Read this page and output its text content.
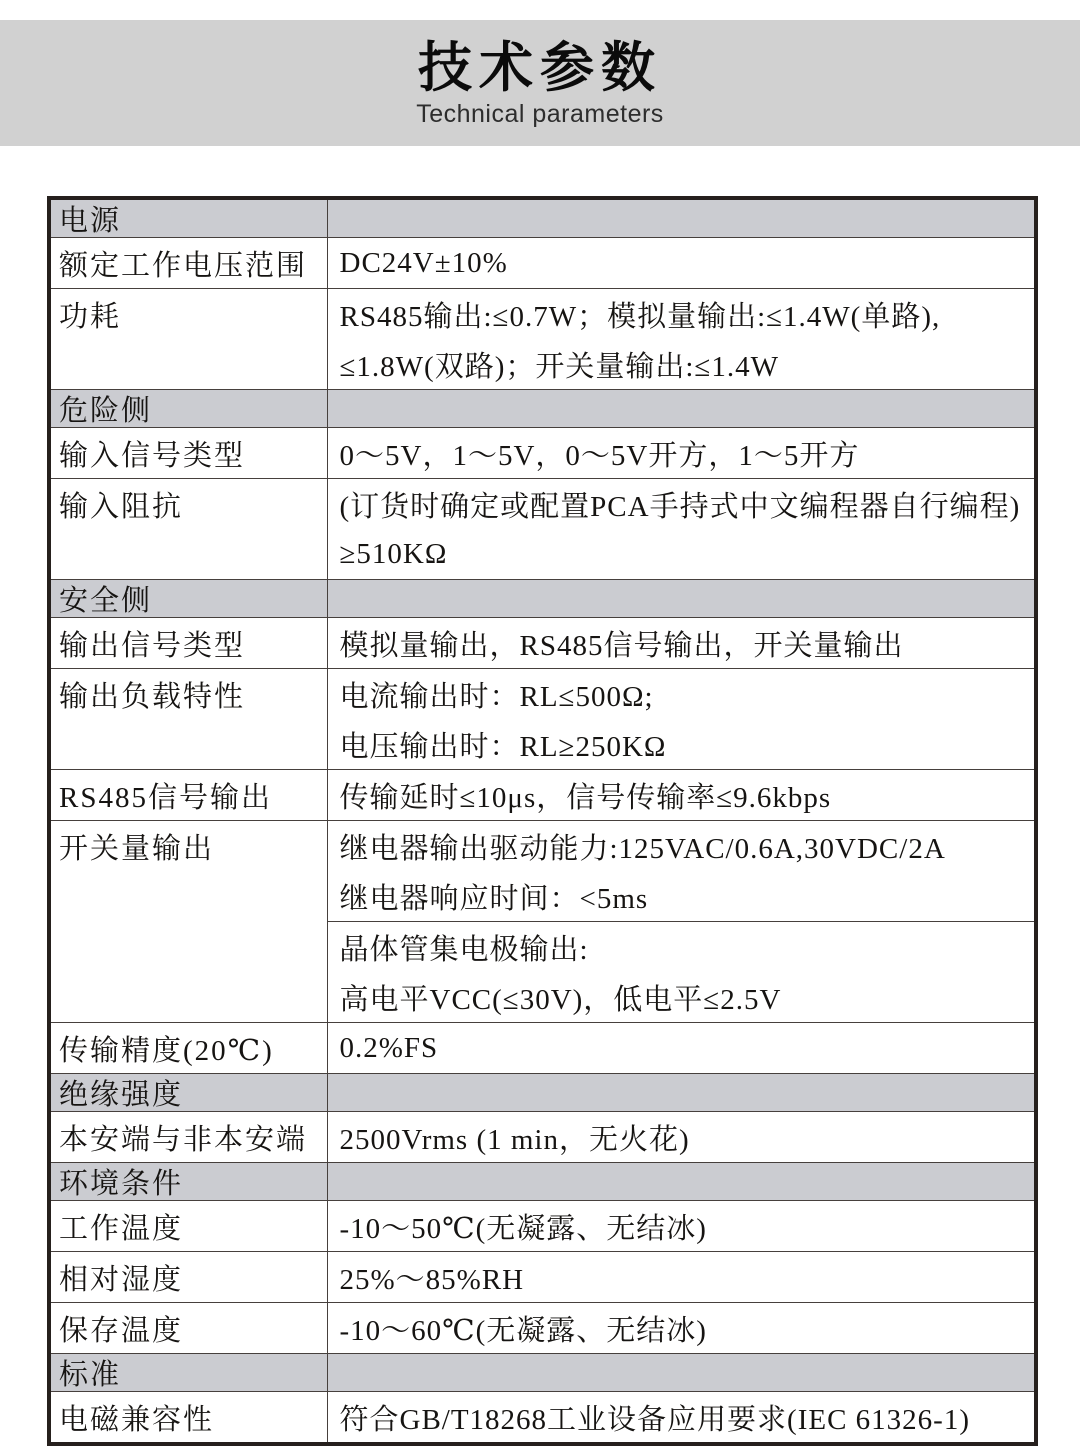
技术参数
Technical parameters
电源	

额定工作电压范围	DC24V±10%

功耗	RS485输出:≤0.7W；模拟量输出:≤1.4W(单路),
≤1.8W(双路)；开关量输出:≤1.4W

危险侧	

输入信号类型	0～5V，1～5V，0～5V开方，1～5开方

输入阻抗	(订货时确定或配置PCA手持式中文编程器自行编程)
≥510KΩ

安全侧	

输出信号类型	模拟量输出，RS485信号输出，开关量输出

输出负载特性	电流输出时：RL≤500Ω;
电压输出时：RL≥250KΩ

RS485信号输出	传输延时≤10μs，信号传输率≤9.6kbps

开关量输出	继电器输出驱动能力:125VAC/0.6A,30VDC/2A
继电器响应时间：<5ms

晶体管集电极输出:
高电平VCC(≤30V)，低电平≤2.5V

传输精度(20℃)	0.2%FS

绝缘强度	

本安端与非本安端	2500Vrms (1 min，无火花)

环境条件	

工作温度	-10～50℃(无凝露、无结冰)

相对湿度	25%～85%RH

保存温度	-10～60℃(无凝露、无结冰)

标准	

电磁兼容性	符合GB/T18268工业设备应用要求(IEC 61326-1)
